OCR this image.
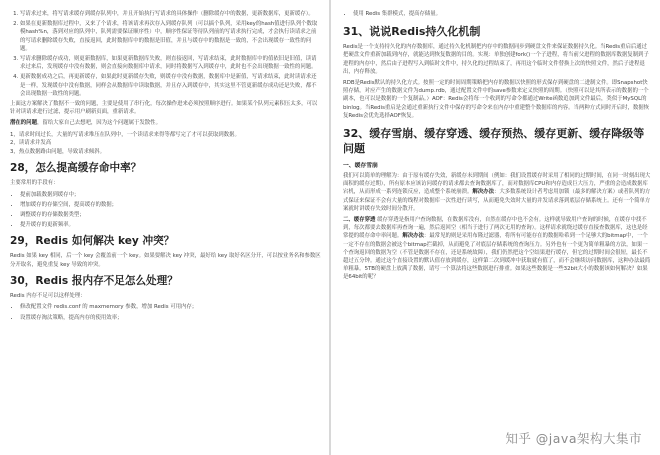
1. 写请求过来，将写请求缓存到缓存队列中，并且开始执行写请求的具体操作（删除缓存中的数据，更新数据库，更新缓存）。
2. 如果在更新数据库过程中，又来了个请求，将该请求再次存入到缓存队列（可以搞个队列，采用key的hash值进行队列个数取模hash%n，落到对应的队列中，队列需要保证顺序性）中，顺序性保证等待队列前的写请求执行完成，才会执行读请求之前的写请求删除缓存失败，直接返回，此时数据库中的数据是旧值，并且与缓存中的数据是一致的，不会出现缓存一致性的问题。
3. 写请求删除缓存成功，则更新数据库，如果更新数据库失败，则直接返回，写请求结束，此时数据库中的值依旧是旧值，读请求过来后，发现缓存中没有数据，则会直接向数据库中请求，同时将数据写入到缓存中，此时也不会出现数据一致性的问题。
4. 更新数据成功之后，再更新缓存，如果此时更新缓存失败，则缓存中没有数据，数据库中是新值，写请求结束，此时读请求还是一样，发现缓存中没有数据，同样会从数据库中读取数据，并且存入到缓存中，其实这里不管更新缓存成功还是失败，都不会出现数据一致性的问题。

上面这方案解决了数据不一致的问题，主要是使用了串行化，每次操作进来必须按照顺序进行。如果某个队列元素积压太多，可以针对读请求进行过滤，提示用户刷新页面，重新请求。

潜在的问题，留给大家自己去想吧，因为这个问题属于发散性。

1，请求时间过长，大量的写请求堆压在队列中，一个读请求来得等都写完了才可以获取到数据。

2，读请求并发高

3，热点数据路由问题，导致请求倾斜。

28，怎么提高缓存命中率？

主要常用的手段有：

• 提前加载数据到缓存中；
• 增加缓存的存储空间，提高缓存的数据；
• 调整缓存的存储数据类型；
• 提升缓存的更新频率。
29，Redis 如何解决 key 冲突？

Redis 如果 key 相同，后一个 key 会覆盖前一个 key。如果要解决 key 冲突，最好给 key 取好名区分开，可以按业务名和参数区分开取名，避免重复 key 导致的冲突。

30，Redis 报内存不足怎么处理？

Redis 内存不足可以这样处理：

• 修改配置文件 redis.conf 的 maxmemory 参数，增加 Redis 可用内存；
• 设置缓存淘汰策略，提高内存的使用效率；
• 使用 Redis 集群模式，提高存储量。
31、说说Redis持久化机制

Redis是一个支持持久化的内存数据库，通过持久化机制把内存中的数据同步到硬盘文件来保证数据持久化。当Redis重启后通过把硬盘文件重新加载到内存，就能达到恢复数据的目的。实现：单独创建fork()一个子进程，将当前父进程的数据库数据复制到子进程的内存中，然后由子进程写入到临时文件中，持久化的过程结束了，再用这个临时文件替换上次的快照文件，然后子进程退出，内存释放。

RDB是Redis默认的持久化方式。按照一定的时间周期策略把内存的数据以快照的形式保存到硬盘的二进制文件。即Snapshot快照存储，对应产生的数据文件为dump.rdb，通过配置文件中的save参数来定义快照的周期。（快照可以是其所表示的数据的一个副本，也可以是数据的一个复制品。）AOF：Redis会将每一个收到的写命令都通过Write函数追加到文件最后，类似于MySQL的binlog。当Redis重启是会通过重新执行文件中保存的写命令来在内存中重建整个数据库的内容。当两种方式同时开启时，数据恢复Redis会优先选择AOF恢复。

32、缓存雪崩、缓存穿透、缓存预热、缓存更新、缓存降级等问题
一、缓存雪崩

我们可以简单的理解为：由于原有缓存失效，新缓存未到期间（例如：我们设置缓存时采用了相同的过期时间，在同一时刻出现大面积的缓存过期），所有原本应该访问缓存的请求都去查询数据库了，而对数据库CPU和内存造成巨大压力，严重的会造成数据库宕机，从而形成一系列连锁反应，造成整个系统崩溃。解决办法：大多数系统设计者考虑用加锁（最多的解决方案）或者队列的方式保证来保证不会有大量的线程对数据库一次性进行读写，从而避免失效时大量的并发请求落到底层存储系统上。还有一个简单方案就时讲缓存失效时间分散开。

二、缓存穿透 缓存穿透是指用户查询数据，在数据库没有，自然在缓存中也不会有。这样就导致用户查询的时候，在缓存中找不到，每次都要去数据库再查询一遍，然后返回空（相当于进行了两次无用的查询）。这样请求就绕过缓存直接查数据库，这也是经常提的缓存命中率问题。解决办法：最常见的则是采用布隆过滤器，将所有可能存在的数据哈希到一个足够大的bitmap中，一个一定不存在的数据会被这个bitmap拦截掉，从而避免了对底层存储系统的查询压力。另外也有一个更为简单粗暴的方法，如果一个查询返回的数据为空（不管是数据不存在，还是系统故障），我们仍然把这个空结果进行缓存，但它的过期时间会很短，最长不超过五分钟。通过这个直接设置的默认值存放到缓存，这样第二次到缓冲中获取就有值了，而不会继续访问数据库，这种办法最简单粗暴。5TB的硬盘上放满了数据，请写一个算法将这些数据进行排重。如果这些数据是一些32bit大小的数据该如何解决？如果是64bit的呢？

知乎 @java架构大集市
